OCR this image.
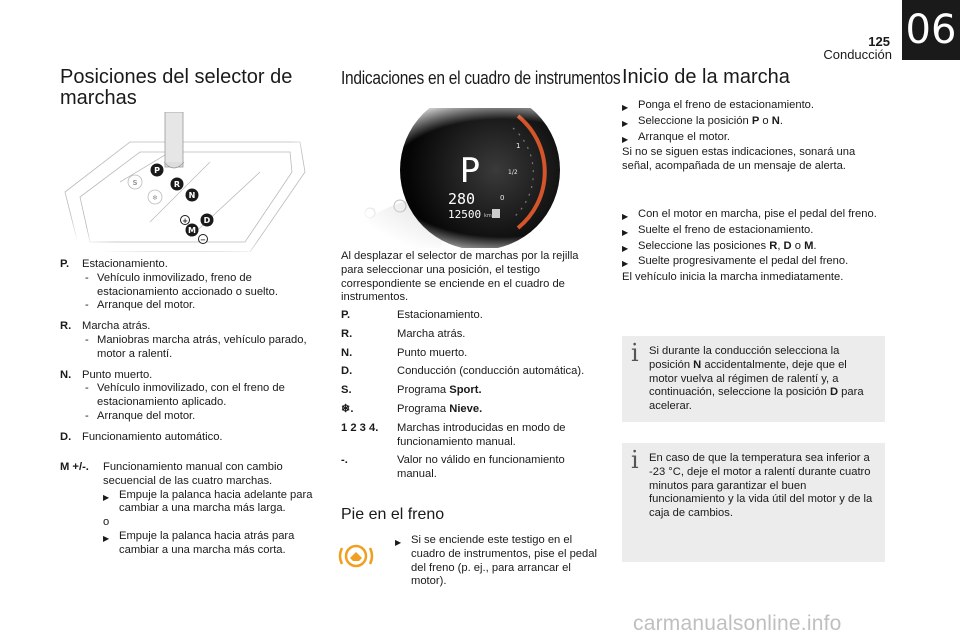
125
Conducción
06
Posiciones del selector de marchas
P.	Estacionamiento.
- Vehículo inmovilizado, freno de estacionamiento accionado o suelto.
- Arranque del motor.
R. Marcha atrás.
- Maniobras marcha atrás, vehículo parado, motor a ralentí.
N. Punto muerto.
- Vehículo inmovilizado, con el freno de estacionamiento aplicado.
- Arranque del motor.
D. Funcionamiento automático.
M +/-.	Funcionamiento manual con cambio secuencial de las cuatro marchas.
▶ Empuje la palanca hacia adelante para cambiar a una marcha más larga.
o
▶ Empuje la palanca hacia atrás para cambiar a una marcha más corta.
Indicaciones en el cuadro de instrumentos
Al desplazar el selector de marchas por la rejilla para seleccionar una posición, el testigo correspondiente se enciende en el cuadro de instrumentos.
P.	Estacionamiento.
R.	Marcha atrás.
N.	Punto muerto.
D.	Conducción (conducción automática).
S.	Programa Sport.
❄.	Programa Nieve.
1 2 3 4.	Marchas introducidas en modo de funcionamiento manual.
-.	Valor no válido en funcionamiento manual.
Pie en el freno
▶ Si se enciende este testigo en el cuadro de instrumentos, pise el pedal del freno (p. ej., para arrancar el motor).
Inicio de la marcha
▶ Ponga el freno de estacionamiento.
▶ Seleccione la posición P o N.
▶ Arranque el motor.
Si no se siguen estas indicaciones, sonará una señal, acompañada de un mensaje de alerta.
▶ Con el motor en marcha, pise el pedal del freno.
▶ Suelte el freno de estacionamiento.
▶ Seleccione las posiciones R, D o M.
▶ Suelte progresivamente el pedal del freno.
El vehículo inicia la marcha inmediatamente.
i Si durante la conducción selecciona la posición N accidentalmente, deje que el motor vuelva al régimen de ralentí y, a continuación, seleccione la posición D para acelerar.
i En caso de que la temperatura sea inferior a -23 °C, deje el motor a ralentí durante cuatro minutos para garantizar el buen funcionamiento y la vida útil del motor y de la caja de cambios.
carmanualsonline.info
